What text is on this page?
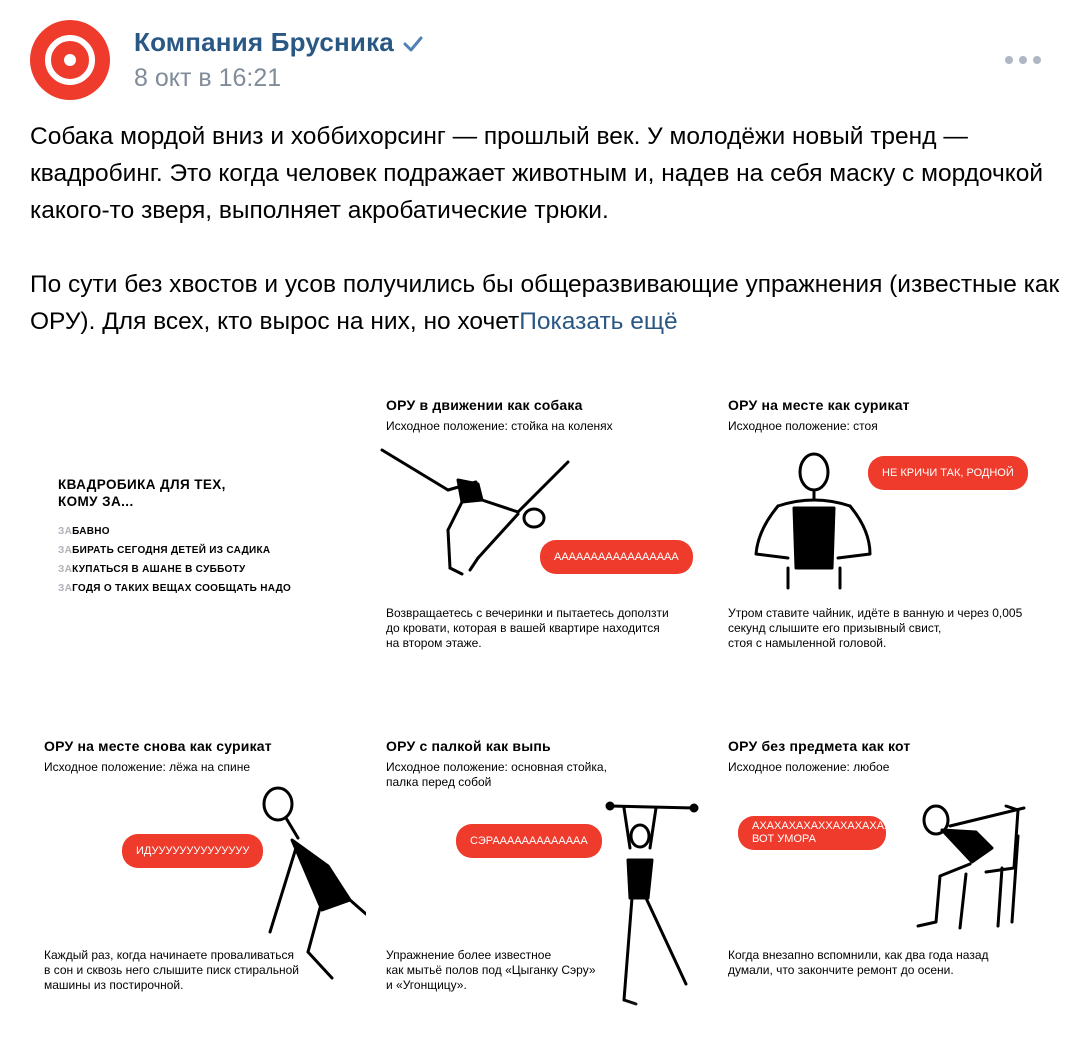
Компания Брусника
8 окт в 16:21

Собака мордой вниз и хоббихорсинг — прошлый век. У молодёжи новый тренд — квадробинг. Это когда человек подражает животным и, надев на себя маску с мордочкой какого-то зверя, выполняет акробатические трюки.

По сути без хвостов и усов получились бы общеразвивающие упражнения (известные как ОРУ). Для всех, кто вырос на них, но хочетПоказать ещё

КВАДРОБИКА ДЛЯ ТЕХ,
КОМУ ЗА...
ЗАБАВНО
ЗАБИРАТЬ СЕГОДНЯ ДЕТЕЙ ИЗ САДИКА
ЗАКУПАТЬСЯ В АШАНЕ В СУББОТУ
ЗАГОДЯ О ТАКИХ ВЕЩАХ СООБЩАТЬ НАДО
ОРУ в движении как собака
Исходное положение: стойка на коленях
ААААААААААААААААА
Возвращаетесь с вечеринки и пытаетесь доползти
до кровати, которая в вашей квартире находится
на втором этаже.
ОРУ на месте как сурикат
Исходное положение: стоя
НЕ КРИЧИ ТАК, РОДНОЙ
Утром ставите чайник, идёте в ванную и через 0,005
секунд слышите его призывный свист,
стоя с намыленной головой.
ОРУ на месте снова как сурикат
Исходное положение: лёжа на спине
ИДУУУУУУУУУУУУУУ
Каждый раз, когда начинаете проваливаться
в сон и сквозь него слышите писк стиральной
машины из постирочной.
ОРУ с палкой как выпь
Исходное положение: основная стойка,
палка перед собой
СЭРААААААААААААА
Упражнение более известное
как мытьё полов под «Цыганку Сэру»
и «Угонщицу».
ОРУ без предмета как кот
Исходное положение: любое
АХАХАХАХАХХАХАХАХАХА
ВОТ УМОРА
Когда внезапно вспомнили, как два года назад
думали, что закончите ремонт до осени.
